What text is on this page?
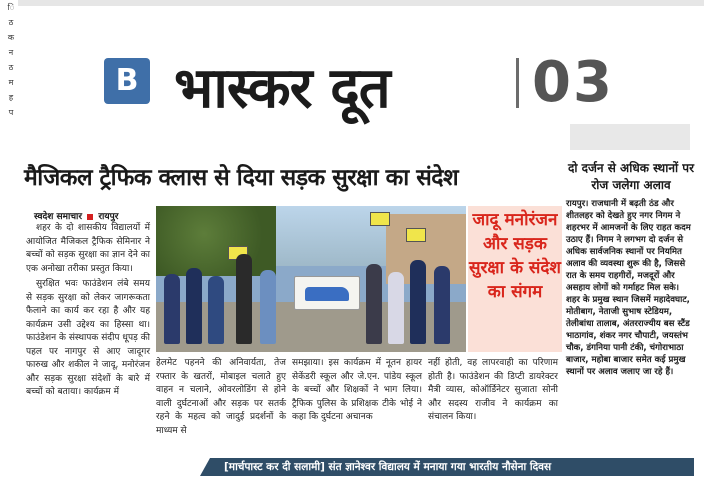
ि
ठ
क
न
ठ
म
ह
प
B भास्कर दूत	03
मैजिकल ट्रैफिक क्लास से दिया सड़क सुरक्षा का संदेश
स्वदेश समाचार रायपुर

शहर के दो शासकीय विद्यालयों में आयोजित मैजिकल ट्रैफिक सेमिनार ने बच्चों को सड़क सुरक्षा का ज्ञान देने का एक अनोखा तरीका प्रस्तुत किया।

सुरक्षित भवः फाउंडेशन लंबे समय से सड़क सुरक्षा को लेकर जागरूकता फैलाने का कार्य कर रहा है और यह कार्यक्रम उसी उद्देश्य का हिस्सा था। फाउंडेशन के संस्थापक संदीप धूपड़ की पहल पर नागपुर से आए जादूगर फारुख और शकील ने जादू, मनोरंजन और सड़क सुरक्षा संदेशों के बारे में बच्चों को बताया। कार्यक्रम में

जादू मनोरंजन और सड़क सुरक्षा के संदेश का संगम
हेलमेट पहनने की अनिवार्यता, तेज रफ्तार के खतरों, मोबाइल चलाते हुए वाहन न चलाने, ओवरलोडिंग से होने वाली दुर्घटनाओं और सड़क पर सतर्क रहने के महत्व को जादुई प्रदर्शनों के माध्यम से
समझाया। इस कार्यक्रम में नूतन हायर सेकेंडरी स्कूल और जे.एन. पांडेय स्कूल के बच्चों और शिक्षकों ने भाग लिया। ट्रैफिक पुलिस के प्रशिक्षक टीके भोई ने कहा कि दुर्घटना अचानक
नहीं होती, वह लापरवाही का परिणाम होती है। फाउंडेशन की डिप्टी डायरेक्टर मैत्री व्यास, कोऑर्डिनेटर सुजाता सोनी और सदस्य राजीव ने कार्यक्रम का संचालन किया।
दो दर्जन से अधिक स्थानों पर रोज जलेगा अलाव
रायपुर। राजधानी में बढ़ती ठंड और शीतलहर को देखते हुए नगर निगम ने शहरभर में आमजनों के लिए राहत कदम उठाए हैं। निगम ने लगभग दो दर्जन से अधिक सार्वजनिक स्थानों पर नियमित अलाव की व्यवस्था शुरू की है, जिससे रात के समय राहगीरों, मजदूरों और असहाय लोगों को गर्माहट मिल सके। शहर के प्रमुख स्थान जिसमें महादेवघाट, मोतीबाग, नेताजी सुभाष स्टेडियम, तेलीबांधा तालाब, अंतरराज्यीय बस स्टैंड भाठागांव, शंकर नगर चौपाटी, जयस्तंभ चौक, डंगनिया पानी टंकी, चंगोराभाठा बाजार, महोबा बाजार समेत कई प्रमुख स्थानों पर अलाव जलाए जा रहे हैं।
[मार्चपास्ट कर दी सलामी] संत ज्ञानेश्वर विद्यालय में मनाया गया भारतीय नौसेना दिवस
